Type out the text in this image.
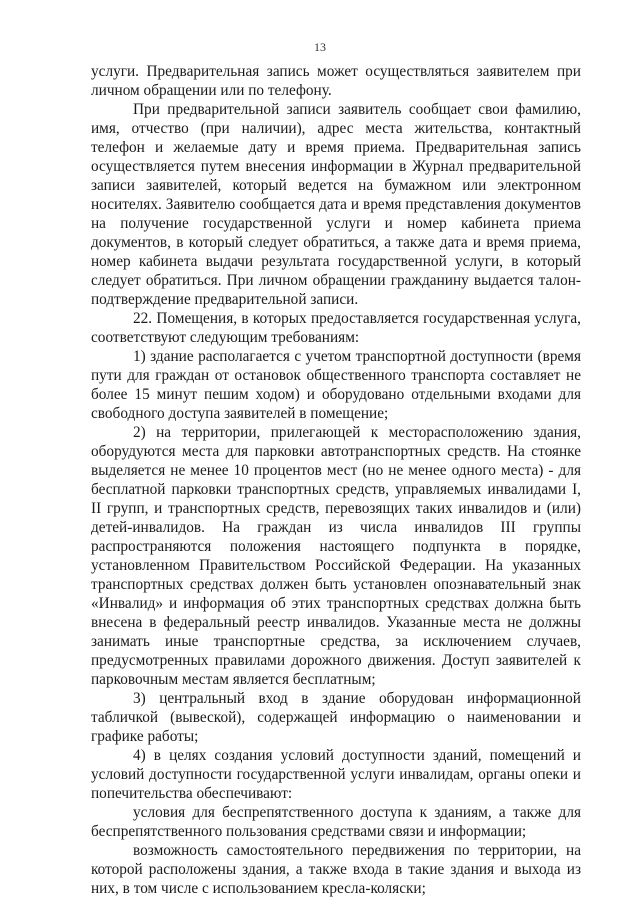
13

услуги. Предварительная запись может осуществляться заявителем при личном обращении или по телефону.

При предварительной записи заявитель сообщает свои фамилию, имя, отчество (при наличии), адрес места жительства, контактный телефон и желаемые дату и время приема. Предварительная запись осуществляется путем внесения информации в Журнал предварительной записи заявителей, который ведется на бумажном или электронном носителях. Заявителю сообщается дата и время представления документов на получение государственной услуги и номер кабинета приема документов, в который следует обратиться, а также дата и время приема, номер кабинета выдачи результата государственной услуги, в который следует обратиться. При личном обращении гражданину выдается талон-подтверждение предварительной записи.

22. Помещения, в которых предоставляется государственная услуга, соответствуют следующим требованиям:

1) здание располагается с учетом транспортной доступности (время пути для граждан от остановок общественного транспорта составляет не более 15 минут пешим ходом) и оборудовано отдельными входами для свободного доступа заявителей в помещение;

2) на территории, прилегающей к месторасположению здания, оборудуются места для парковки автотранспортных средств. На стоянке выделяется не менее 10 процентов мест (но не менее одного места) - для бесплатной парковки транспортных средств, управляемых инвалидами I, II групп, и транспортных средств, перевозящих таких инвалидов и (или) детей-инвалидов. На граждан из числа инвалидов III группы распространяются положения настоящего подпункта в порядке, установленном Правительством Российской Федерации. На указанных транспортных средствах должен быть установлен опознавательный знак «Инвалид» и информация об этих транспортных средствах должна быть внесена в федеральный реестр инвалидов. Указанные места не должны занимать иные транспортные средства, за исключением случаев, предусмотренных правилами дорожного движения. Доступ заявителей к парковочным местам является бесплатным;

3) центральный вход в здание оборудован информационной табличкой (вывеской), содержащей информацию о наименовании и графике работы;

4) в целях создания условий доступности зданий, помещений и условий доступности государственной услуги инвалидам, органы опеки и попечительства обеспечивают:

условия для беспрепятственного доступа к зданиям, а также для беспрепятственного пользования средствами связи и информации;

возможность самостоятельного передвижения по территории, на которой расположены здания, а также входа в такие здания и выхода из них, в том числе с использованием кресла-коляски;
